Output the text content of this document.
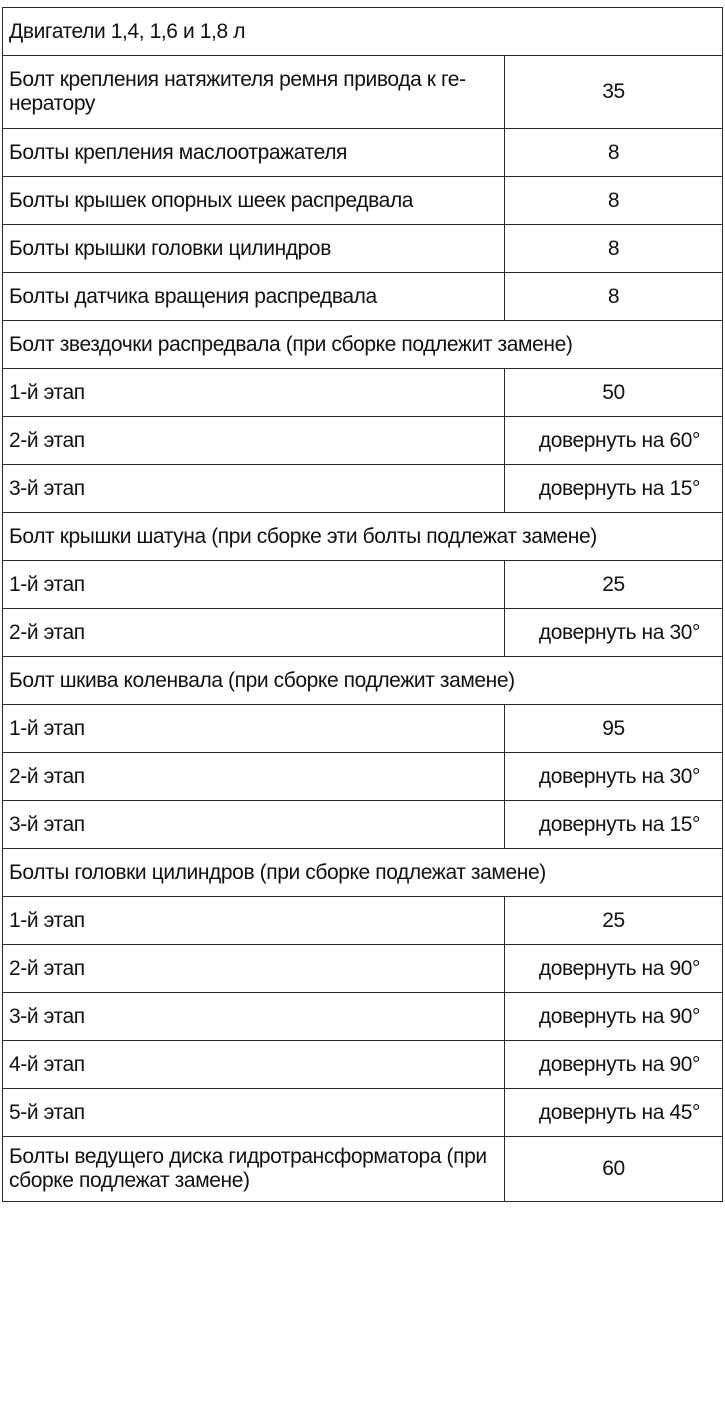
Двигатели 1,4, 1,6 и 1,8 л	
Болт крепления натяжителя ремня привода к ге-
нератору	35
Болты крепления маслоотражателя	8
Болты крышек опорных шеек распредвала	8
Болты крышки головки цилиндров	8
Болты датчика вращения распредвала	8
Болт звездочки распредвала (при сборке подлежит замене)	
1-й этап	50
2-й этап	довернуть на 60°
3-й этап	довернуть на 15°
Болт крышки шатуна (при сборке эти болты подлежат замене)	
1-й этап	25
2-й этап	довернуть на 30°
Болт шкива коленвала (при сборке подлежит замене)	
1-й этап	95
2-й этап	довернуть на 30°
3-й этап	довернуть на 15°
Болты головки цилиндров (при сборке подлежат замене)	
1-й этап	25
2-й этап	довернуть на 90°
3-й этап	довернуть на 90°
4-й этап	довернуть на 90°
5-й этап	довернуть на 45°
Болты ведущего диска гидротрансформатора (при сборке подлежат замене)	60
